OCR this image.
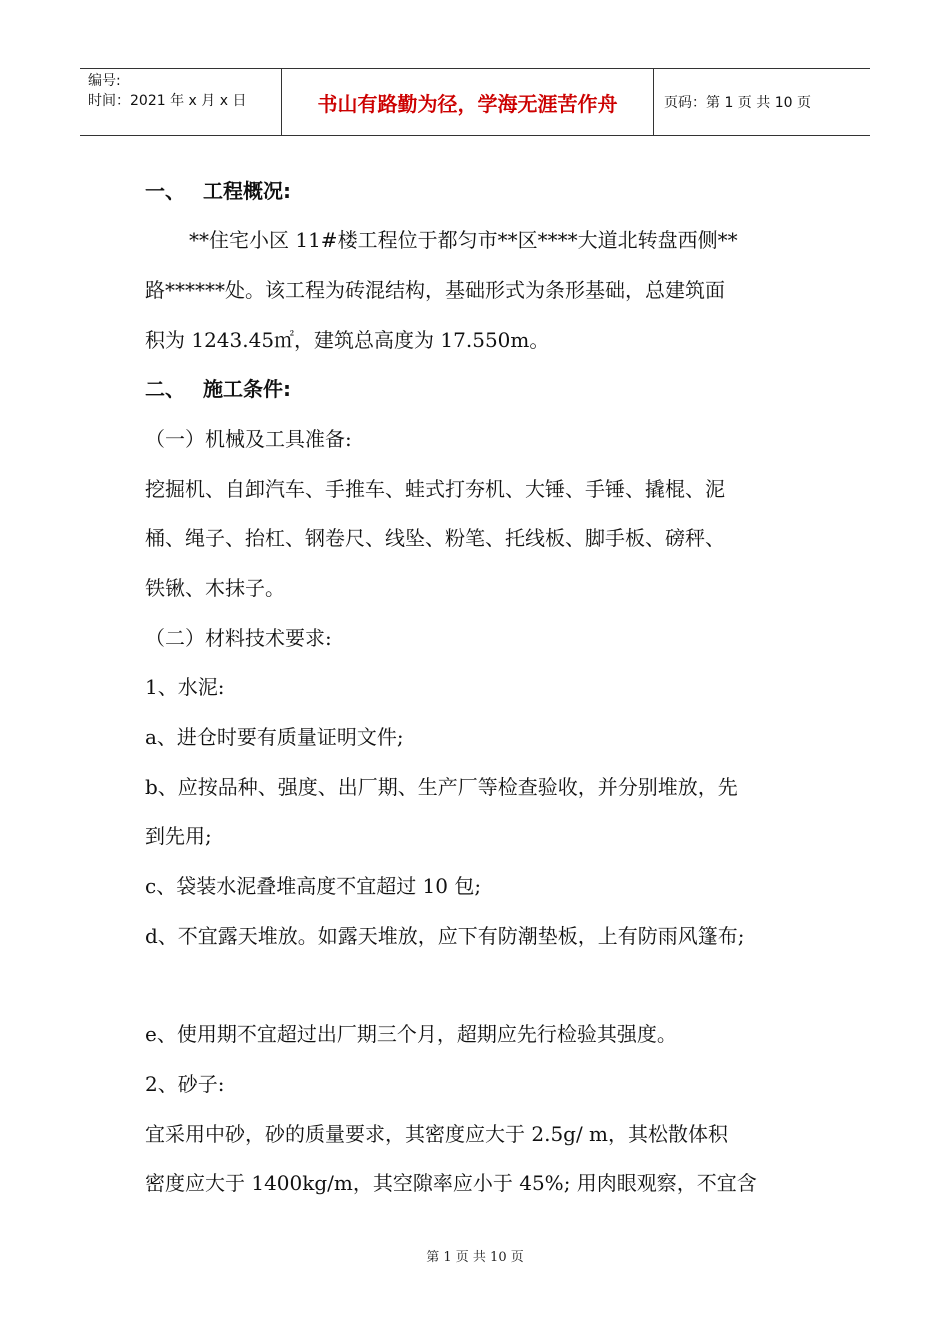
编号:
时间：2021 年 x 月 x 日	书山有路勤为径，学海无涯苦作舟	页码：第 1 页 共 10 页
一、 工程概况:
**住宅小区 11#楼工程位于都匀市**区****大道北转盘西侧**
路******处。该工程为砖混结构，基础形式为条形基础，总建筑面
积为 1243.45㎡，建筑总高度为 17.550m。
二、 施工条件:
（一）机械及工具准备:
挖掘机、自卸汽车、手推车、蛙式打夯机、大锤、手锤、撬棍、泥
桶、绳子、抬杠、钢卷尺、线坠、粉笔、托线板、脚手板、磅秤、
铁锹、木抹子。
（二）材料技术要求:
1、水泥:
a、进仓时要有质量证明文件;
b、应按品种、强度、出厂期、生产厂等检查验收，并分别堆放，先
到先用;
c、袋装水泥叠堆高度不宜超过 10 包;
d、不宜露天堆放。如露天堆放，应下有防潮垫板，上有防雨风篷布;
e、使用期不宜超过出厂期三个月，超期应先行检验其强度。
2、砂子:
宜采用中砂，砂的质量要求，其密度应大于 2.5g/ m，其松散体积
密度应大于 1400kg/m，其空隙率应小于 45%; 用肉眼观察，不宜含
第 1 页 共 10 页
